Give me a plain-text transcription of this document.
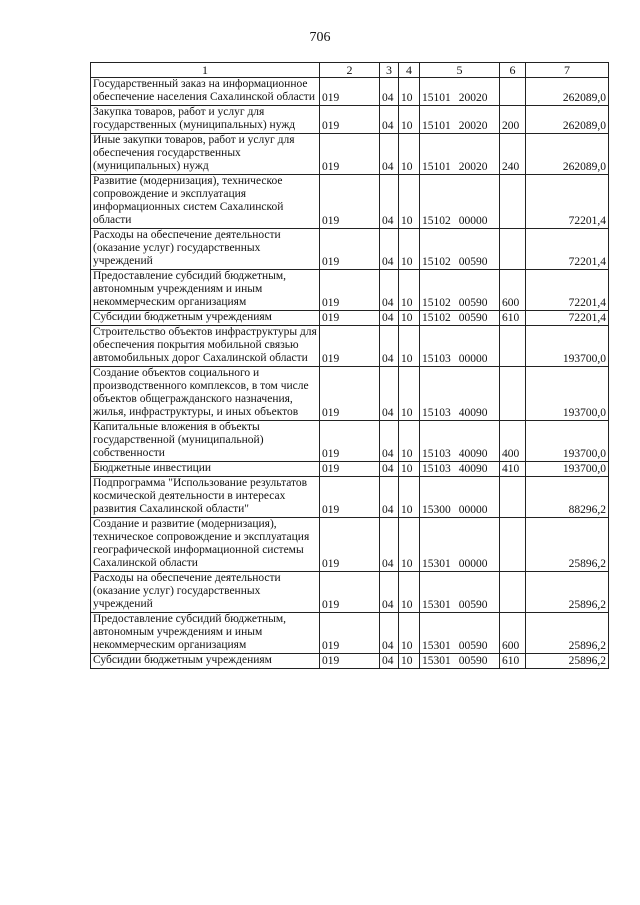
706
1	2	3	4	5	6	7
Государственный заказ на информационное обеспечение населения Сахалинской области	019	04	10	15101 20020		262089,0
Закупка товаров, работ и услуг для государственных (муниципальных) нужд	019	04	10	15101 20020	200	262089,0
Иные закупки товаров, работ и услуг для обеспечения государственных (муниципальных) нужд	019	04	10	15101 20020	240	262089,0
Развитие (модернизация), техническое сопровождение и эксплуатация информационных систем Сахалинской области	019	04	10	15102 00000		72201,4
Расходы на обеспечение деятельности (оказание услуг) государственных учреждений	019	04	10	15102 00590		72201,4
Предоставление субсидий бюджетным, автономным учреждениям и иным некоммерческим организациям	019	04	10	15102 00590	600	72201,4
Субсидии бюджетным учреждениям	019	04	10	15102 00590	610	72201,4
Строительство объектов инфраструктуры для обеспечения покрытия мобильной связью автомобильных дорог Сахалинской области	019	04	10	15103 00000		193700,0
Создание объектов социального и производственного комплексов, в том числе объектов общегражданского назначения, жилья, инфраструктуры, и иных объектов	019	04	10	15103 40090		193700,0
Капитальные вложения в объекты государственной (муниципальной) собственности	019	04	10	15103 40090	400	193700,0
Бюджетные инвестиции	019	04	10	15103 40090	410	193700,0
Подпрограмма "Использование результатов космической деятельности в интересах развития Сахалинской области"	019	04	10	15300 00000		88296,2
Создание и развитие (модернизация), техническое сопровождение и эксплуатация географической информационной системы Сахалинской области	019	04	10	15301 00000		25896,2
Расходы на обеспечение деятельности (оказание услуг) государственных учреждений	019	04	10	15301 00590		25896,2
Предоставление субсидий бюджетным, автономным учреждениям и иным некоммерческим организациям	019	04	10	15301 00590	600	25896,2
Субсидии бюджетным учреждениям	019	04	10	15301 00590	610	25896,2
